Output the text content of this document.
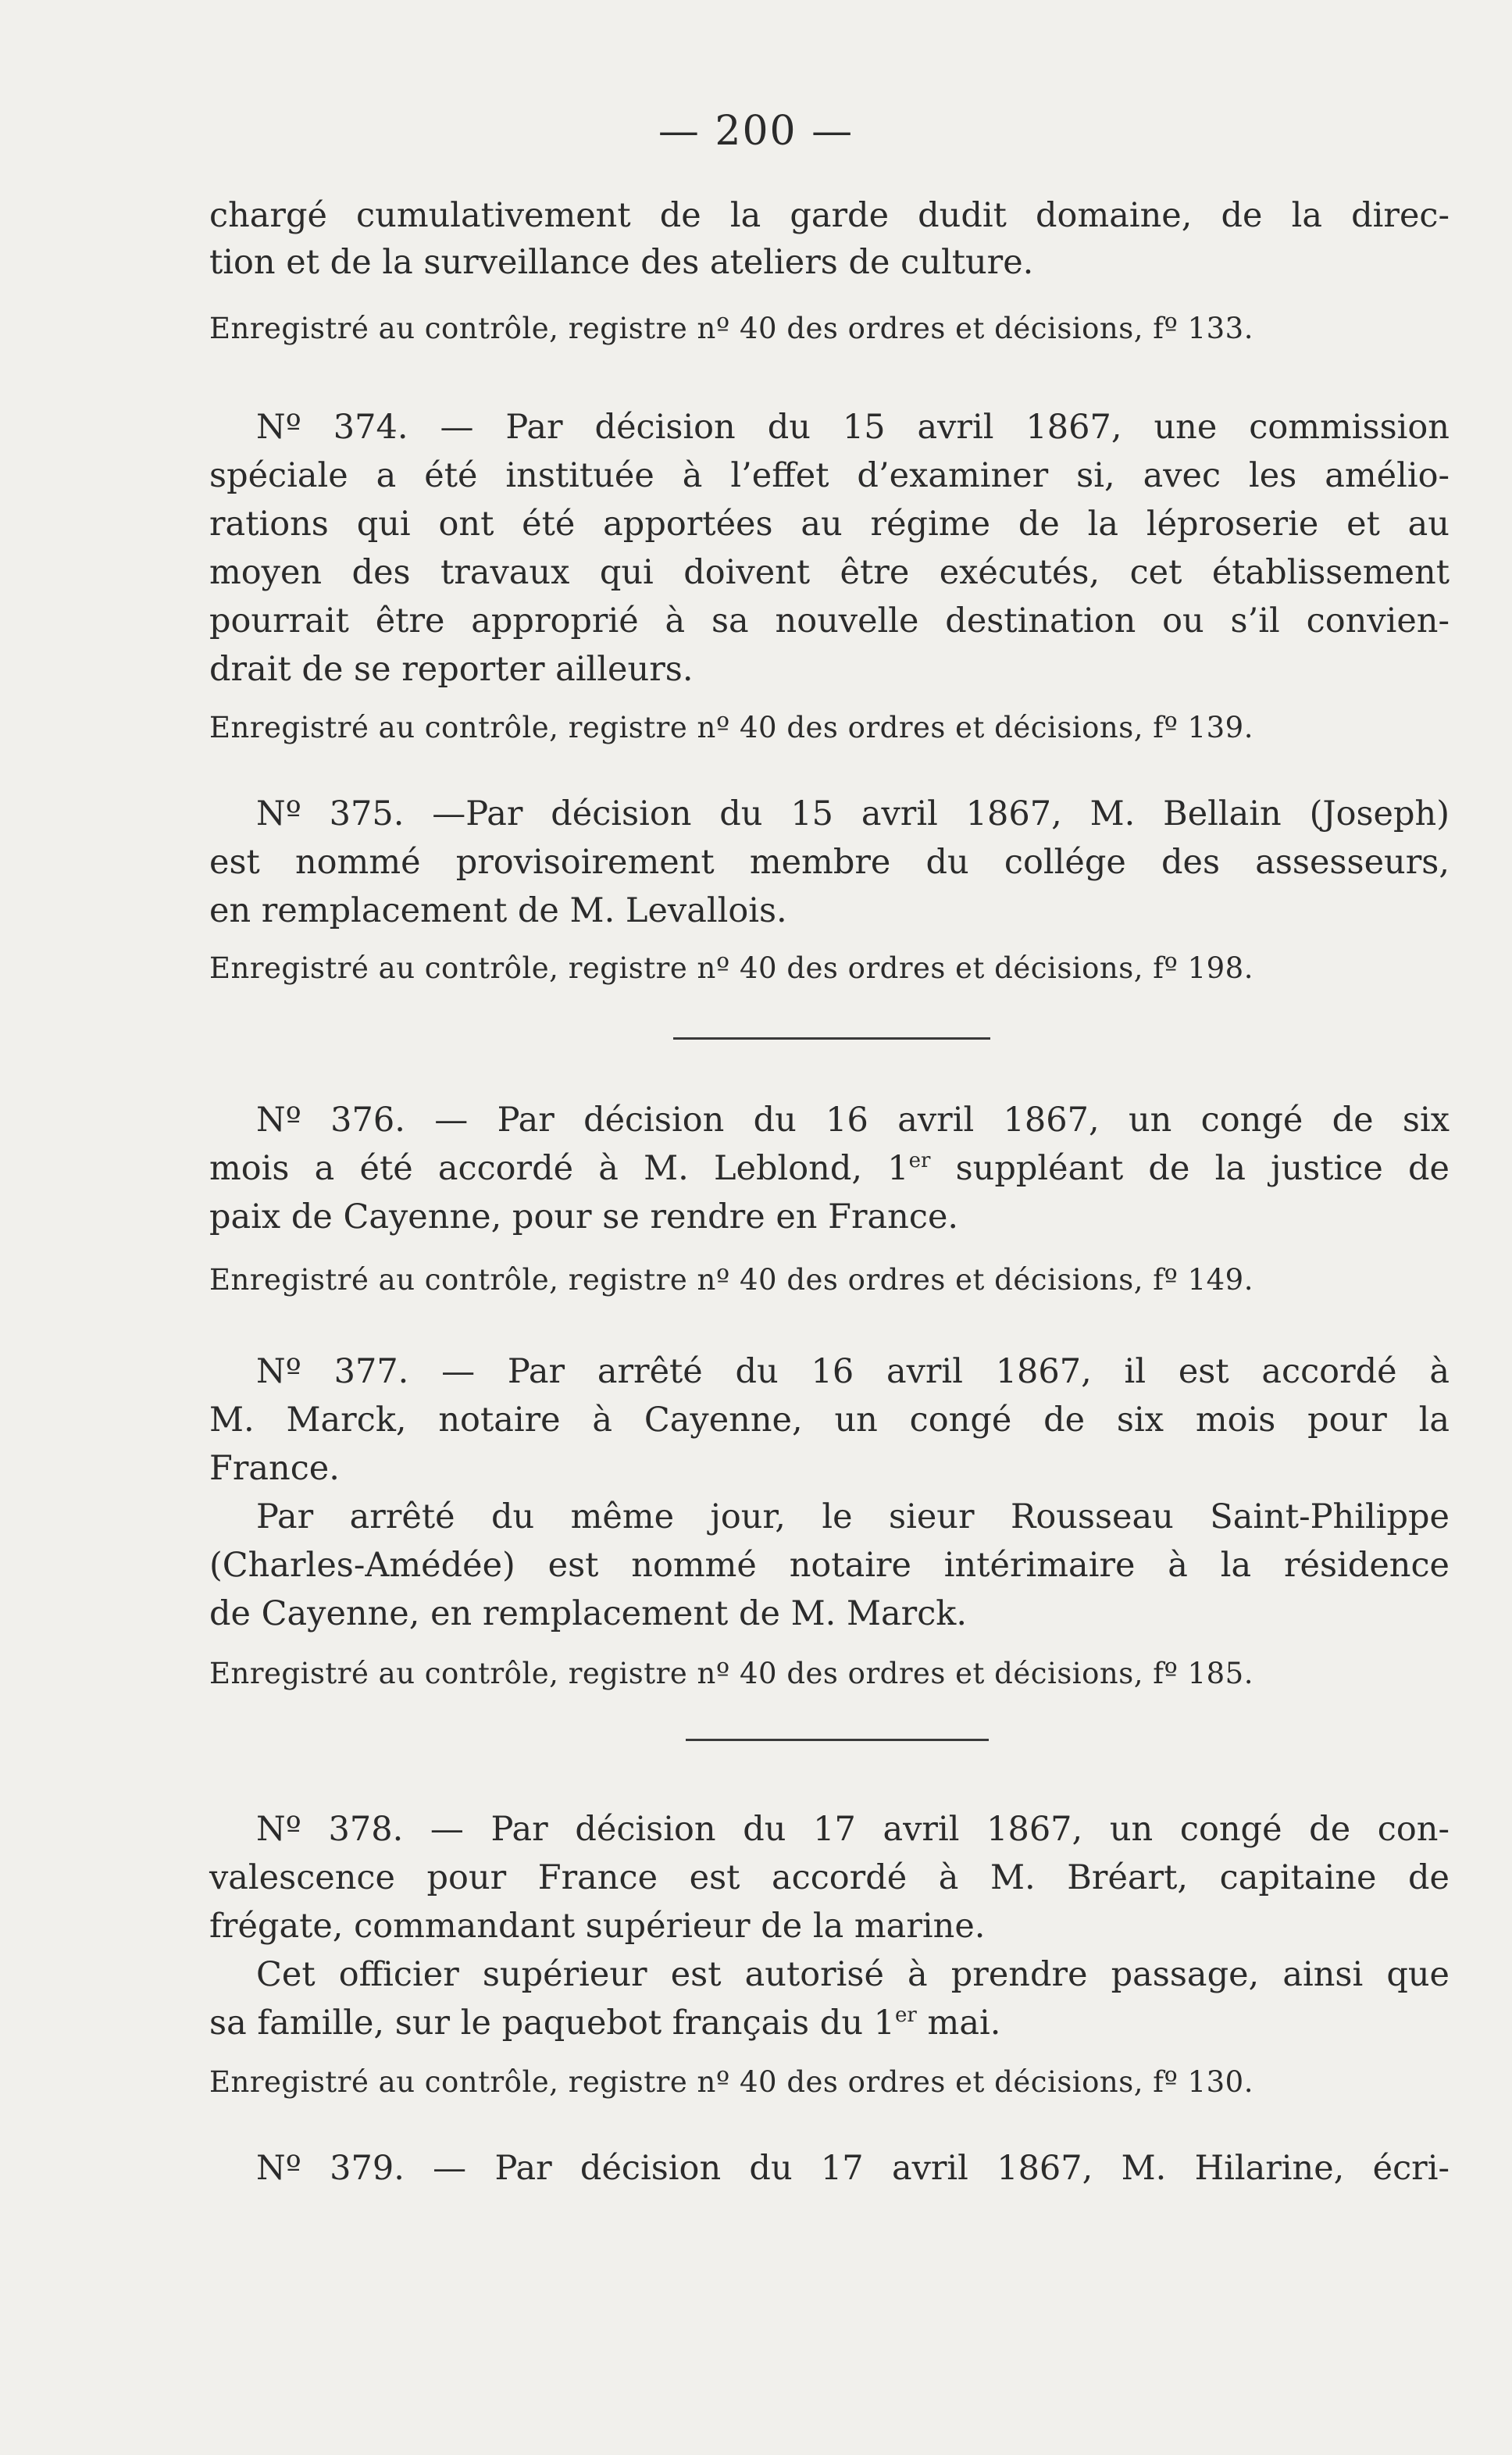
— 200 —
chargé cumulativement de la garde dudit domaine, de la direc-
tion et de la surveillance des ateliers de culture.
Enregistré au contrôle, registre nº 40 des ordres et décisions, fº 133.
Nº 374. — Par décision du 15 avril 1867, une commission
spéciale a été instituée à l’effet d’examiner si, avec les amélio-
rations qui ont été apportées au régime de la léproserie et au
moyen des travaux qui doivent être exécutés, cet établissement
pourrait être approprié à sa nouvelle destination ou s’il convien-
drait de se reporter ailleurs.
Enregistré au contrôle, registre nº 40 des ordres et décisions, fº 139.
Nº 375. —Par décision du 15 avril 1867, M. Bellain (Joseph)
est nommé provisoirement membre du collége des assesseurs,
en remplacement de M. Levallois.
Enregistré au contrôle, registre nº 40 des ordres et décisions, fº 198.
Nº 376. — Par décision du 16 avril 1867, un congé de six
mois a été accordé à M. Leblond, 1er suppléant de la justice de
paix de Cayenne, pour se rendre en France.
Enregistré au contrôle, registre nº 40 des ordres et décisions, fº 149.
Nº 377. — Par arrêté du 16 avril 1867, il est accordé à
M. Marck, notaire à Cayenne, un congé de six mois pour la
France.
Par arrêté du même jour, le sieur Rousseau Saint-Philippe
(Charles-Amédée) est nommé notaire intérimaire à la résidence
de Cayenne, en remplacement de M. Marck.
Enregistré au contrôle, registre nº 40 des ordres et décisions, fº 185.
Nº 378. — Par décision du 17 avril 1867, un congé de con-
valescence pour France est accordé à M. Bréart, capitaine de
frégate, commandant supérieur de la marine.
Cet officier supérieur est autorisé à prendre passage, ainsi que
sa famille, sur le paquebot français du 1er mai.
Enregistré au contrôle, registre nº 40 des ordres et décisions, fº 130.
Nº 379. — Par décision du 17 avril 1867, M. Hilarine, écri-
